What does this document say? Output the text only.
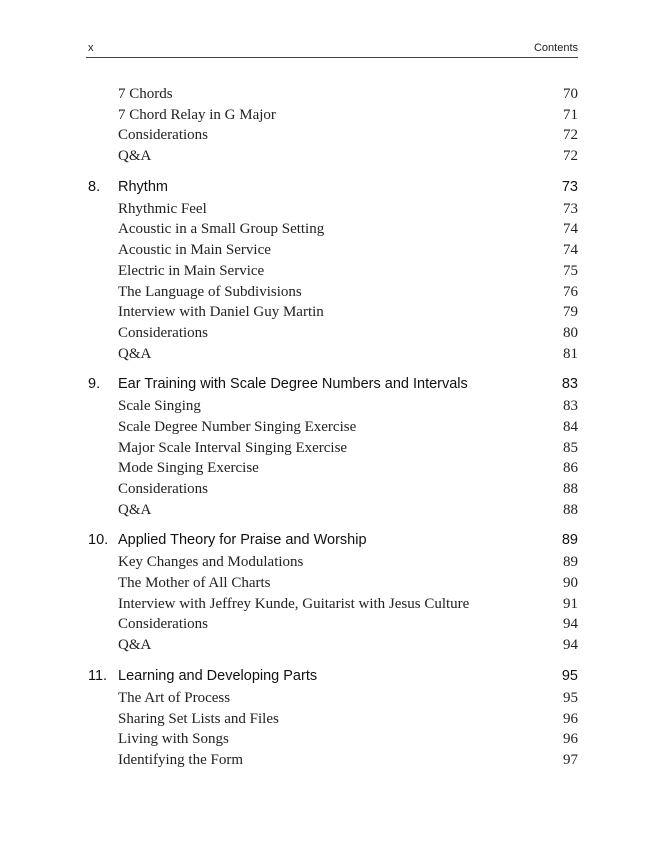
x	Contents
7 Chords	70
7 Chord Relay in G Major	71
Considerations	72
Q&A	72
8. Rhythm	73
Rhythmic Feel	73
Acoustic in a Small Group Setting	74
Acoustic in Main Service	74
Electric in Main Service	75
The Language of Subdivisions	76
Interview with Daniel Guy Martin	79
Considerations	80
Q&A	81
9. Ear Training with Scale Degree Numbers and Intervals	83
Scale Singing	83
Scale Degree Number Singing Exercise	84
Major Scale Interval Singing Exercise	85
Mode Singing Exercise	86
Considerations	88
Q&A	88
10. Applied Theory for Praise and Worship	89
Key Changes and Modulations	89
The Mother of All Charts	90
Interview with Jeffrey Kunde, Guitarist with Jesus Culture	91
Considerations	94
Q&A	94
11. Learning and Developing Parts	95
The Art of Process	95
Sharing Set Lists and Files	96
Living with Songs	96
Identifying the Form	97
